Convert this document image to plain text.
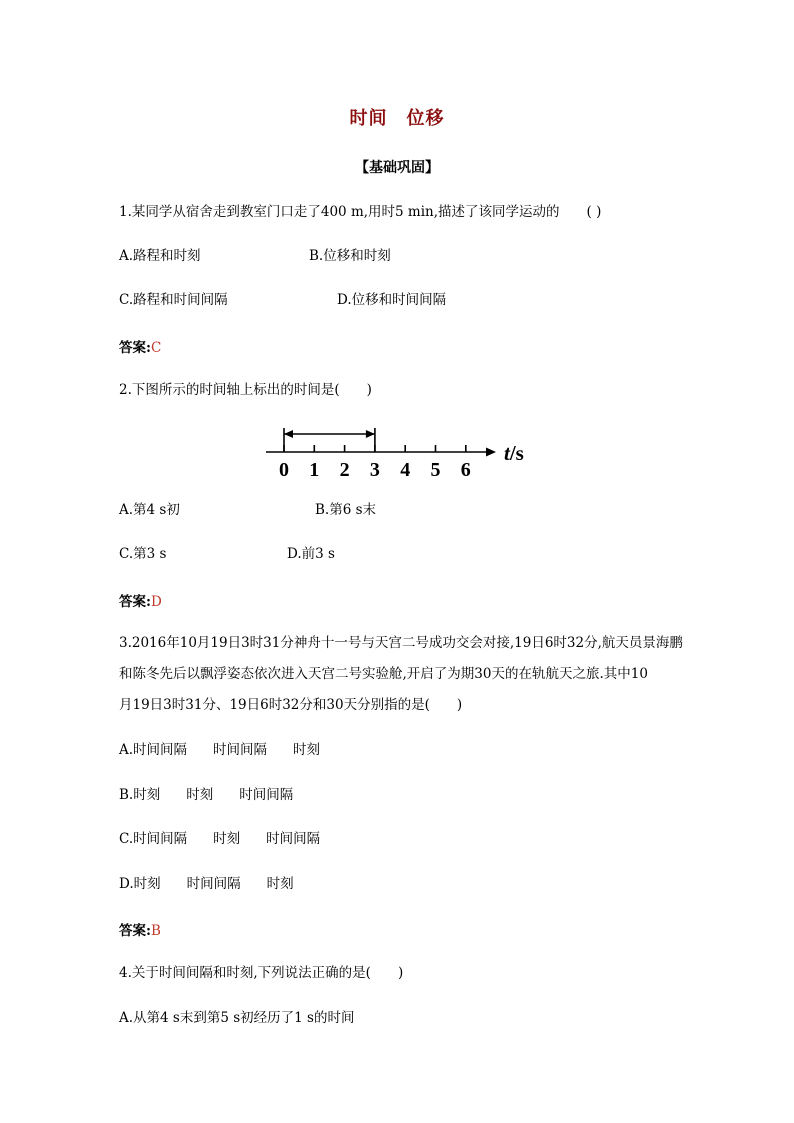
时间　位移
【基础巩固】
1.某同学从宿舍走到教室门口走了400 m,用时5 min,描述了该同学运动的　　( )
A.路程和时刻	B.位移和时刻
C.路程和时间间隔	D.位移和时间间隔
答案:C
2.下图所示的时间轴上标出的时间是(　　)
0 1 2 3 4 5 6
t/s
A.第4 s初	B.第6 s末
C.第3 s	D.前3 s
答案:D
3.2016年10月19日3时31分神舟十一号与天宫二号成功交会对接,19日6时32分,航天员景海鹏
和陈冬先后以飘浮姿态依次进入天宫二号实验舱,开启了为期30天的在轨航天之旅.其中10
月19日3时31分、19日6时32分和30天分别指的是(　　)
A.时间间隔 时间间隔 时刻
B.时刻 时刻 时间间隔
C.时间间隔 时刻 时间间隔
D.时刻 时间间隔 时刻
答案:B
4.关于时间间隔和时刻,下列说法正确的是(　　)
A.从第4 s末到第5 s初经历了1 s的时间
